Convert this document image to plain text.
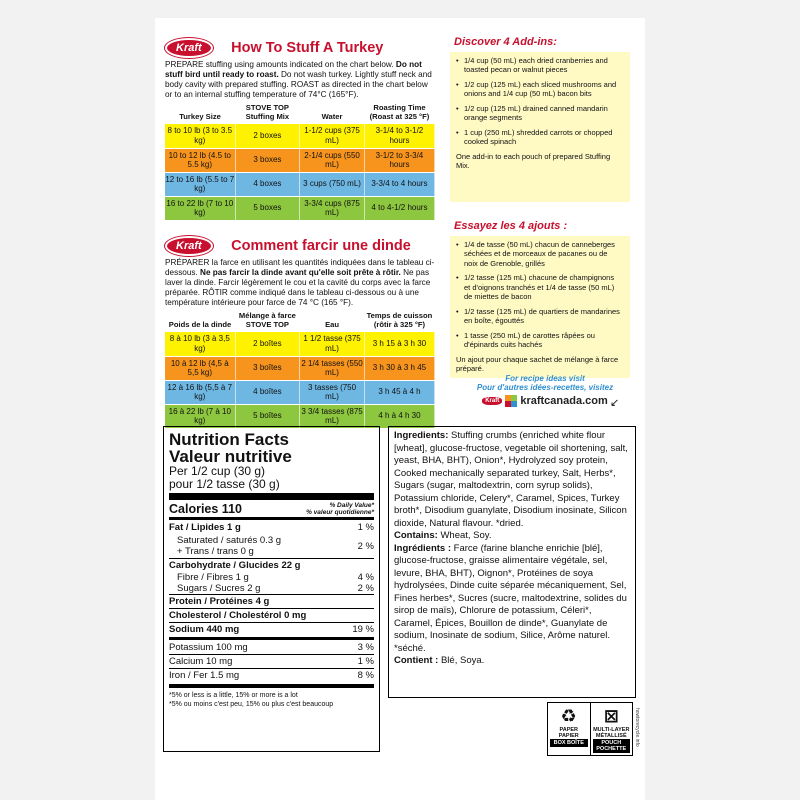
Kraft How To Stuff A Turkey

PREPARE stuffing using amounts indicated on the chart below. Do not stuff bird until ready to roast. Do not wash turkey. Lightly stuff neck and body cavity with prepared stuffing. ROAST as directed in the chart below or to an internal stuffing temperature of 74°C (165°F).

Turkey Size	STOVE TOP Stuffing Mix	Water	Roasting Time (Roast at 325 °F)
8 to 10 lb (3 to 3.5 kg)	2 boxes	1-1/2 cups (375 mL)	3-1/4 to 3-1/2 hours
10 to 12 lb (4.5 to 5.5 kg)	3 boxes	2-1/4 cups (550 mL)	3-1/2 to 3-3/4 hours
12 to 16 lb (5.5 to 7 kg)	4 boxes	3 cups (750 mL)	3-3/4 to 4 hours
16 to 22 lb (7 to 10 kg)	5 boxes	3-3/4 cups (875 mL)	4 to 4-1/2 hours
Kraft Comment farcir une dinde

PRÉPARER la farce en utilisant les quantités indiquées dans le tableau ci-dessous. Ne pas farcir la dinde avant qu'elle soit prête à rôtir. Ne pas laver la dinde. Farcir légèrement le cou et la cavité du corps avec la farce préparée. RÔTIR comme indiqué dans le tableau ci-dessous ou à une température intérieure pour farce de 74 °C (165 °F).

Poids de la dinde	Mélange à farce STOVE TOP	Eau	Temps de cuisson (rôtir à 325 °F)
8 à 10 lb (3 à 3,5 kg)	2 boîtes	1 1/2 tasse (375 mL)	3 h 15 à 3 h 30
10 à 12 lb (4,5 à 5,5 kg)	3 boîtes	2 1/4 tasses (550 mL)	3 h 30 à 3 h 45
12 à 16 lb (5,5 à 7 kg)	4 boîtes	3 tasses (750 mL)	3 h 45 à 4 h
16 à 22 lb (7 à 10 kg)	5 boîtes	3 3/4 tasses (875 mL)	4 h à 4 h 30
Discover 4 Add-ins:
• 1/4 cup (50 mL) each dried cranberries and toasted pecan or walnut pieces
• 1/2 cup (125 mL) each sliced mushrooms and onions and 1/4 cup (50 mL) bacon bits
• 1/2 cup (125 mL) drained canned mandarin orange segments
• 1 cup (250 mL) shredded carrots or chopped cooked spinach
One add-in to each pouch of prepared Stuffing Mix.
Essayez les 4 ajouts :
• 1/4 de tasse (50 mL) chacun de canneberges séchées et de morceaux de pacanes ou de noix de Grenoble, grillés
• 1/2 tasse (125 mL) chacune de champignons et d'oignons tranchés et 1/4 de tasse (50 mL) de miettes de bacon
• 1/2 tasse (125 mL) de quartiers de mandarines en boîte, égouttés
• 1 tasse (250 mL) de carottes râpées ou d'épinards cuits hachés
Un ajout pour chaque sachet de mélange à farce préparé.
For recipe ideas visit
Pour d'autres idées-recettes, visitez
Kraft kraftcanada.com ↙
Nutrition Facts
Valeur nutritive
Per 1/2 cup (30 g)
pour 1/2 tasse (30 g)
Calories 110	% Daily Value*
% valeur quotidienne*
Fat / Lipides 1 g	1 %
Saturated / saturés 0.3 g
+ Trans / trans 0 g	2 %
Carbohydrate / Glucides 22 g
Fibre / Fibres 1 g	4 %
Sugars / Sucres 2 g	2 %
Protein / Protéines 4 g
Cholesterol / Cholestérol 0 mg
Sodium 440 mg	19 %
Potassium 100 mg	3 %
Calcium 10 mg	1 %
Iron / Fer 1.5 mg	8 %
*5% or less is a little, 15% or more is a lot
*5% ou moins c'est peu, 15% ou plus c'est beaucoup

Ingredients: Stuffing crumbs (enriched white flour [wheat], glucose-fructose, vegetable oil shortening, salt, yeast, BHA, BHT), Onion*, Hydrolyzed soy protein, Cooked mechanically separated turkey, Salt, Herbs*, Sugars (sugar, maltodextrin, corn syrup solids), Potassium chloride, Celery*, Caramel, Spices, Turkey broth*, Disodium guanylate, Disodium inosinate, Silicon dioxide, Natural flavour. *dried.

Contains: Wheat, Soy.

Ingrédients : Farce (farine blanche enrichie [blé], glucose-fructose, graisse alimentaire végétale, sel, levure, BHA, BHT), Oignon*, Protéines de soya hydrolysées, Dinde cuite séparée mécaniquement, Sel, Fines herbes*, Sucres (sucre, maltodextrine, solides du sirop de maïs), Chlorure de potassium, Céleri*, Caramel, Épices, Bouillon de dinde*, Guanylate de sodium, Inosinate de sodium, Silice, Arôme naturel. *séché.

Contient : Blé, Soya.

♻
PAPER
PAPIER
BOX BOÎTE
⊠
MULTI-LAYER
MÉTALLISÉ
POUCH POCHETTE
howtorecycle.info
